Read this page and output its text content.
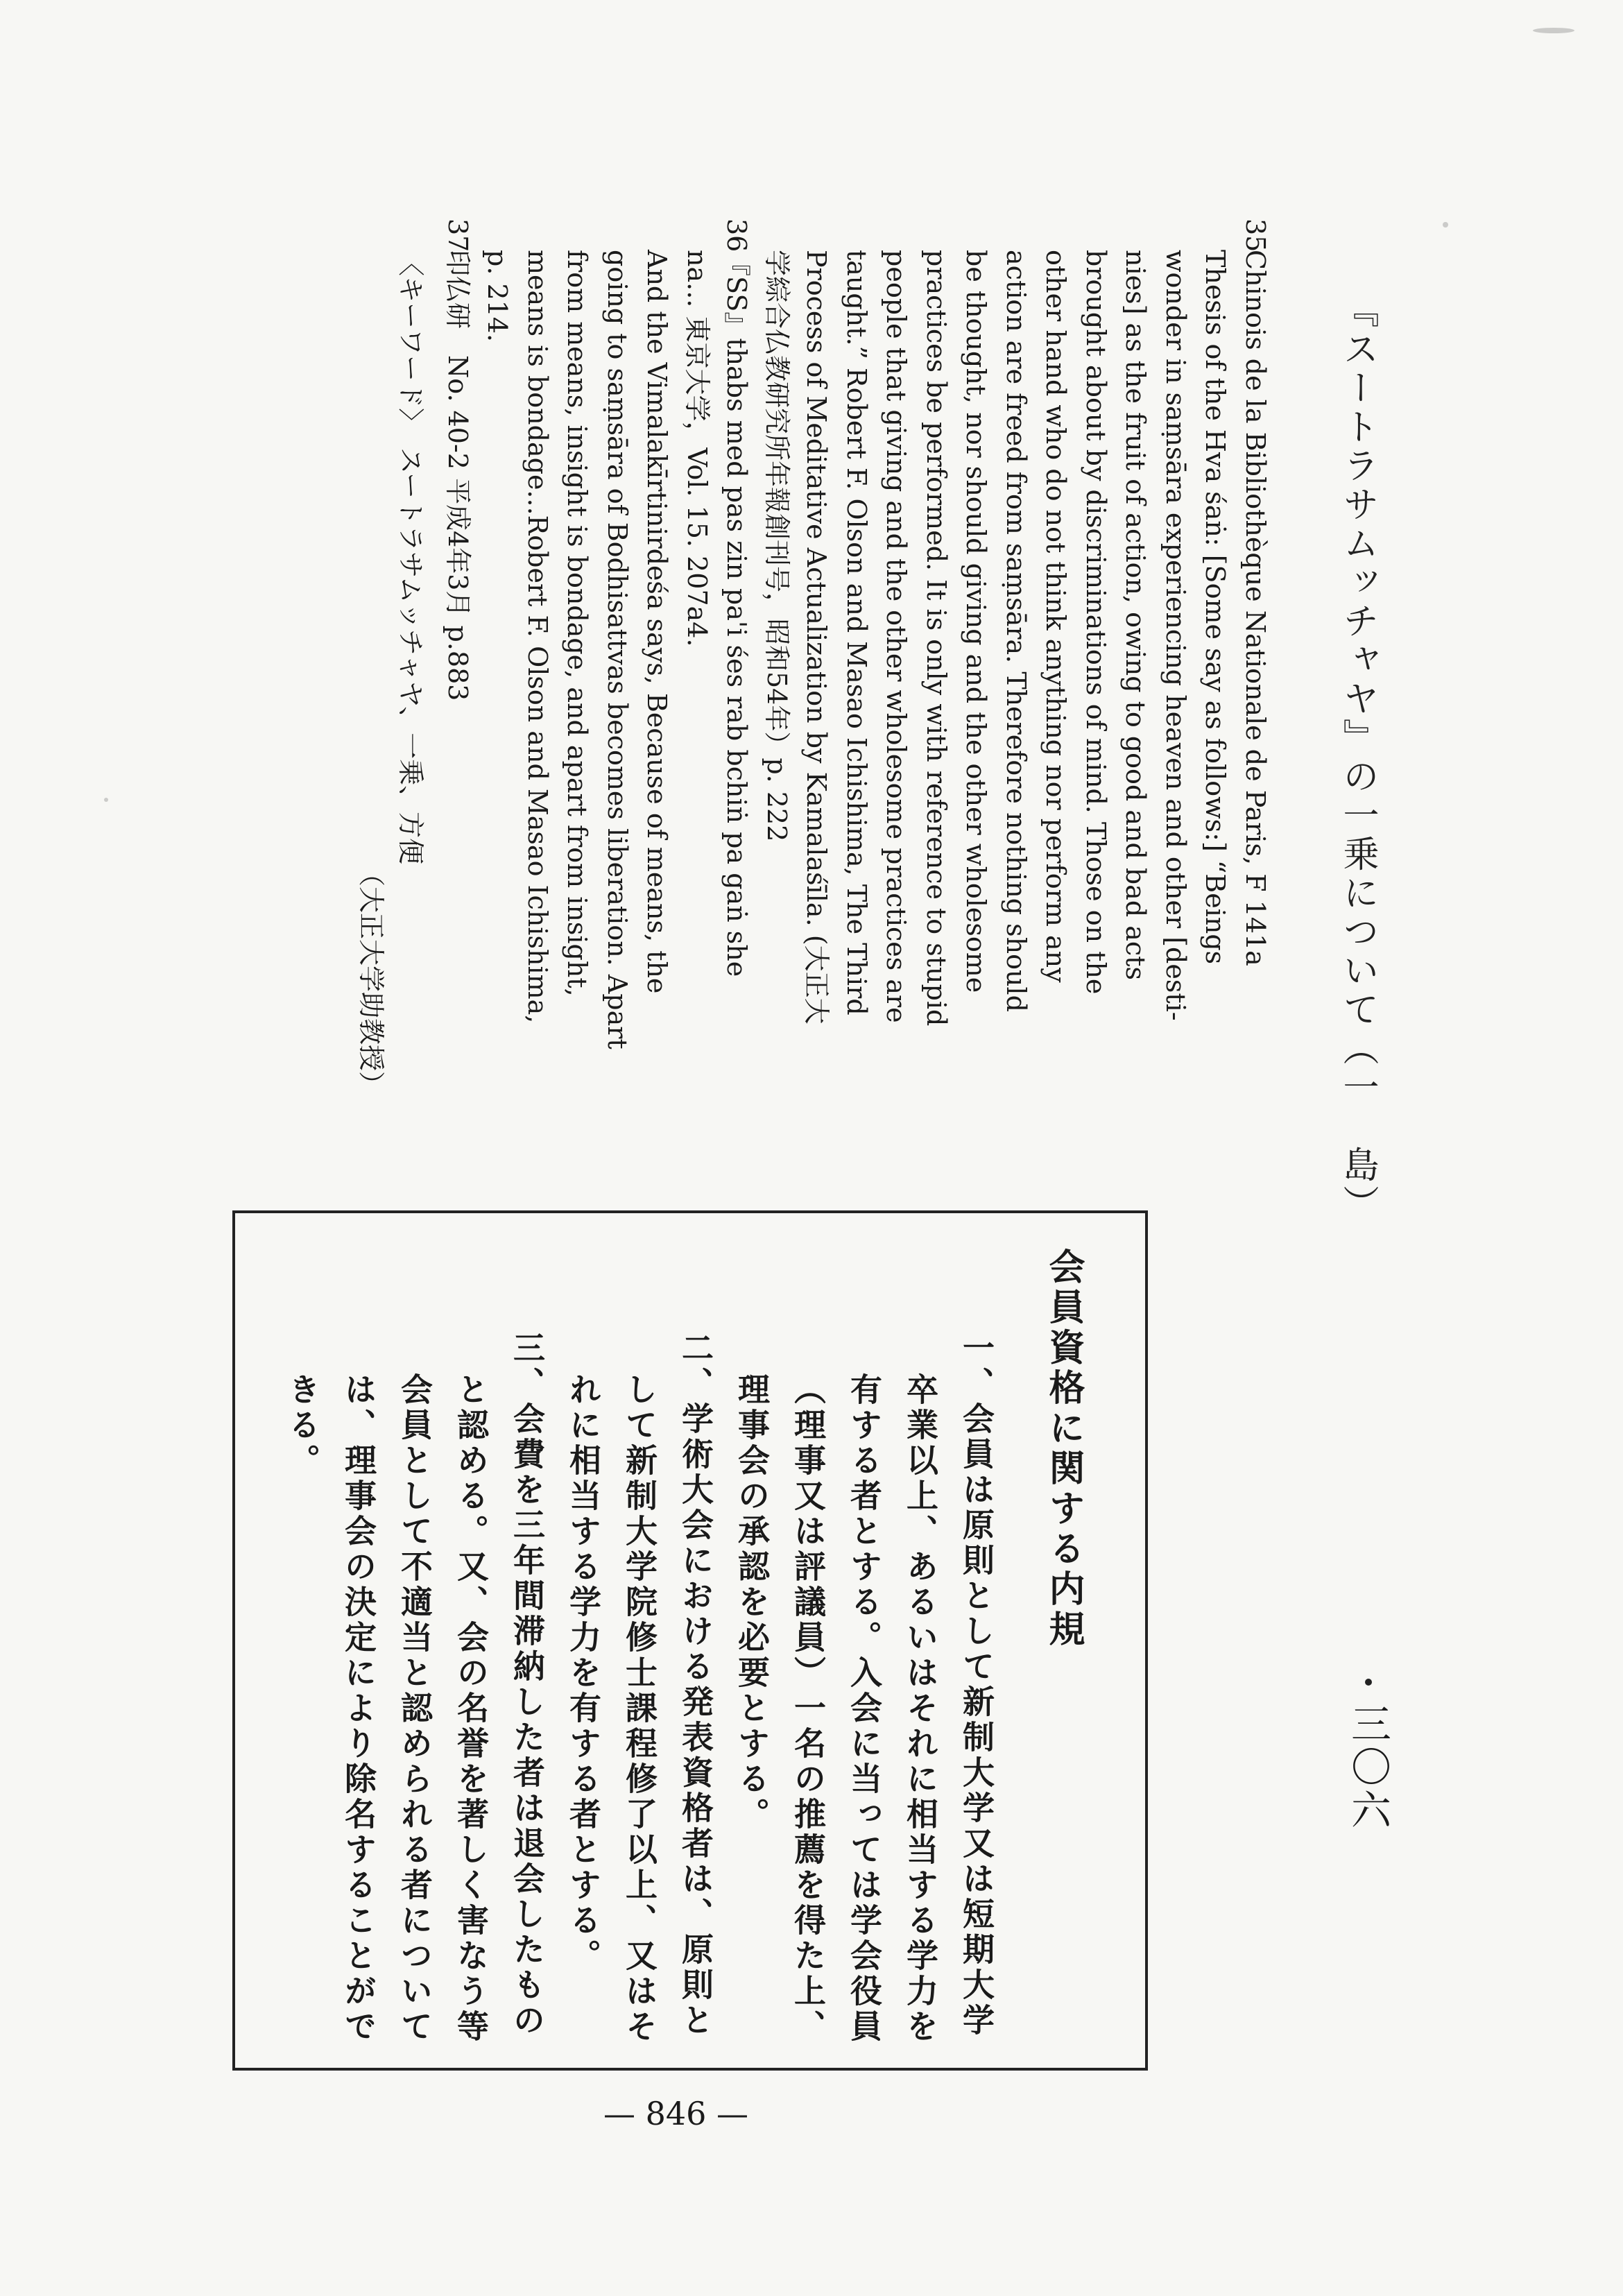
『スートラサムッチャヤ』の一乗について（一　島）
三〇六
35
Chinois de la Bibliothèque Nationale de Paris, F 141a
Thesis of the Hva śaṅ: [Some say as follows:] “Beings
wonder in saṃsāra experiencing heaven and other [desti-
nies] as the fruit of action, owing to good and bad acts
brought about by discriminations of mind. Those on the
other hand who do not think anything nor perform any
action are freed from saṃsāra. Therefore nothing should
be thought, nor should giving and the other wholesome
practices be performed. It is only with reference to stupid
people that giving and the other wholesome practices are
taught.” Robert F. Olson and Masao Ichishima, The Third
Process of Meditative Actualization by Kamalaśīla. (大正大
学綜合仏教研究所年報創刊号，昭和54年）p. 222
36
『SS』thabs med pas zin pa'i śes rab bchiṅ pa gaṅ she
na... 東京大学，Vol. 15. 207a4.
And the Vimalakīrtinirdeśa says, Because of means, the
going to saṃsāra of Bodhisattvas becomes liberation. Apart
from means, insight is bondage, and apart from insight,
means is bondage...Robert F. Olson and Masao Ichishima,
p. 214.
37
印仏研　No. 40-2 平成4年3月 p.883
〈キーワード〉　スートラサムッチャヤ、一乗、方便
（大正大学助教授）
会員資格に関する内規
一、会員は原則として新制大学又は短期大学
卒業以上、あるいはそれに相当する学力を
有する者とする。入会に当っては学会役員
（理事又は評議員）一名の推薦を得た上、
理事会の承認を必要とする。
二、学術大会における発表資格者は、原則と
して新制大学院修士課程修了以上、又はそ
れに相当する学力を有する者とする。
三、会費を三年間滞納した者は退会したもの
と認める。又、会の名誉を著しく害なう等
会員として不適当と認められる者について
は、理事会の決定により除名することがで
きる。
— 846 —
